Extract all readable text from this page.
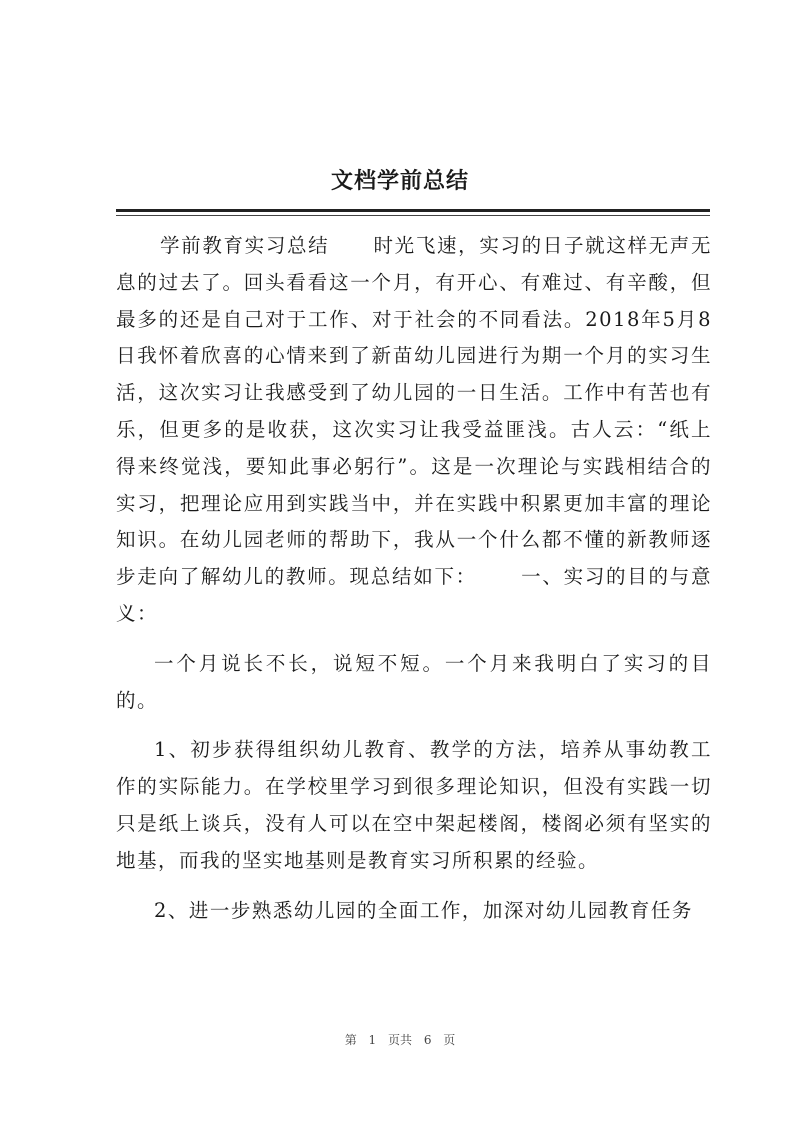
文档学前总结

学前教育实习总结 时光飞速，实习的日子就这样无声无息的过去了。回头看看这一个月，有开心、有难过、有辛酸，但最多的还是自己对于工作、对于社会的不同看法。2018年5月8日我怀着欣喜的心情来到了新苗幼儿园进行为期一个月的实习生活，这次实习让我感受到了幼儿园的一日生活。工作中有苦也有乐，但更多的是收获，这次实习让我受益匪浅。古人云：“纸上得来终觉浅，要知此事必躬行”。这是一次理论与实践相结合的实习，把理论应用到实践当中，并在实践中积累更加丰富的理论知识。在幼儿园老师的帮助下，我从一个什么都不懂的新教师逐步走向了解幼儿的教师。现总结如下： 一、实习的目的与意义：

一个月说长不长，说短不短。一个月来我明白了实习的目的。

1、初步获得组织幼儿教育、教学的方法，培养从事幼教工作的实际能力。在学校里学习到很多理论知识，但没有实践一切只是纸上谈兵，没有人可以在空中架起楼阁，楼阁必须有坚实的地基，而我的坚实地基则是教育实习所积累的经验。

2、进一步熟悉幼儿园的全面工作，加深对幼儿园教育任务

第 1 页共 6 页
